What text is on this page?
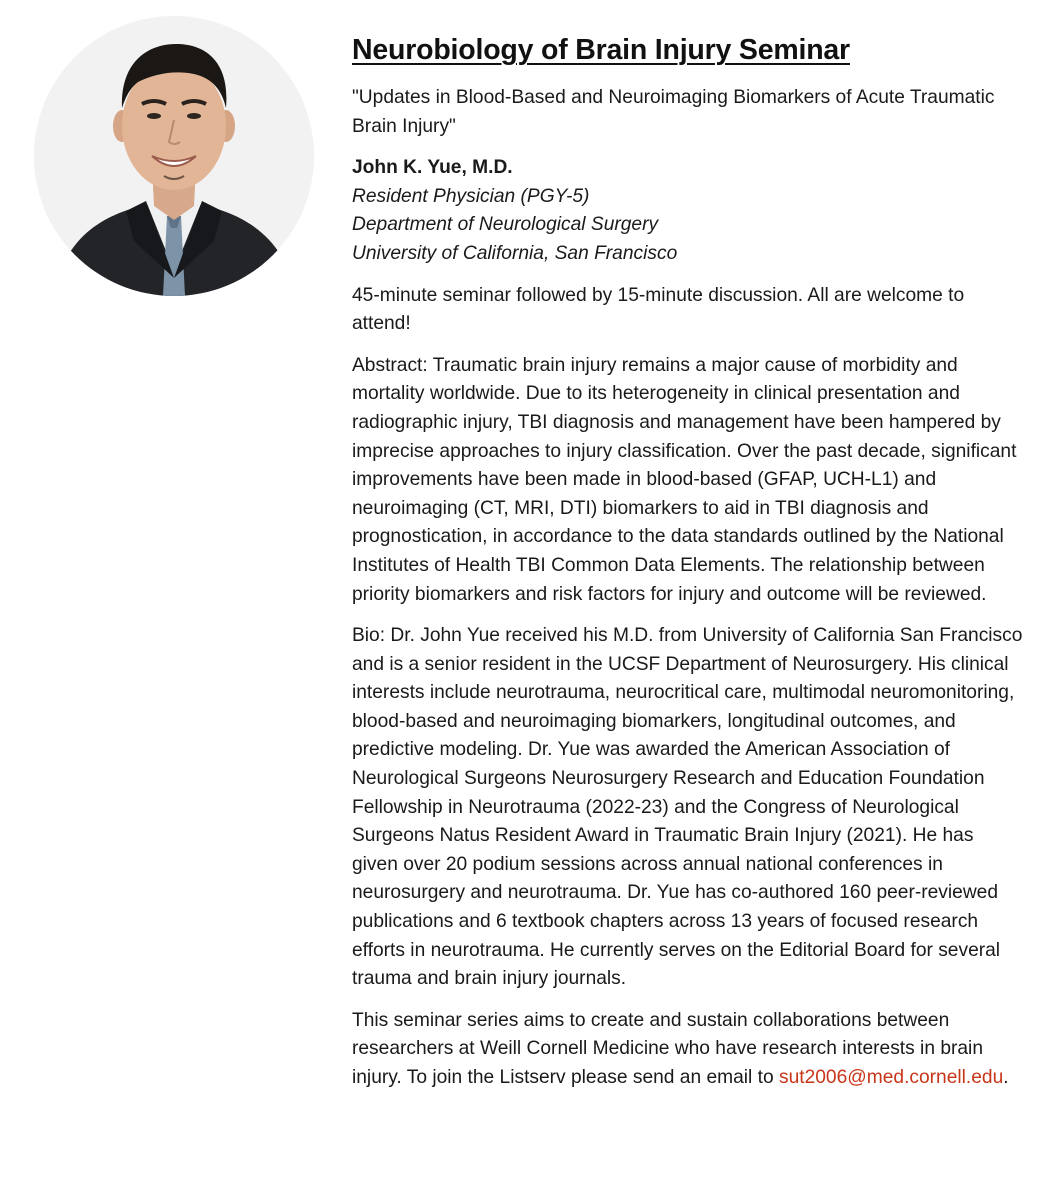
Neurobiology of Brain Injury Seminar

"Updates in Blood-Based and Neuroimaging Biomarkers of Acute Traumatic Brain Injury"

John K. Yue, M.D.
Resident Physician (PGY-5)
Department of Neurological Surgery
University of California, San Francisco

45-minute seminar followed by 15-minute discussion. All are welcome to attend!

Abstract: Traumatic brain injury remains a major cause of morbidity and mortality worldwide. Due to its heterogeneity in clinical presentation and radiographic injury, TBI diagnosis and management have been hampered by imprecise approaches to injury classification. Over the past decade, significant improvements have been made in blood-based (GFAP, UCH-L1) and neuroimaging (CT, MRI, DTI) biomarkers to aid in TBI diagnosis and prognostication, in accordance to the data standards outlined by the National Institutes of Health TBI Common Data Elements. The relationship between priority biomarkers and risk factors for injury and outcome will be reviewed.

Bio: Dr. John Yue received his M.D. from University of California San Francisco and is a senior resident in the UCSF Department of Neurosurgery. His clinical interests include neurotrauma, neurocritical care, multimodal neuromonitoring, blood-based and neuroimaging biomarkers, longitudinal outcomes, and predictive modeling. Dr. Yue was awarded the American Association of Neurological Surgeons Neurosurgery Research and Education Foundation Fellowship in Neurotrauma (2022-23) and the Congress of Neurological Surgeons Natus Resident Award in Traumatic Brain Injury (2021). He has given over 20 podium sessions across annual national conferences in neurosurgery and neurotrauma. Dr. Yue has co-authored 160 peer-reviewed publications and 6 textbook chapters across 13 years of focused research efforts in neurotrauma. He currently serves on the Editorial Board for several trauma and brain injury journals.

This seminar series aims to create and sustain collaborations between researchers at Weill Cornell Medicine who have research interests in brain injury. To join the Listserv please send an email to sut2006@med.cornell.edu.
